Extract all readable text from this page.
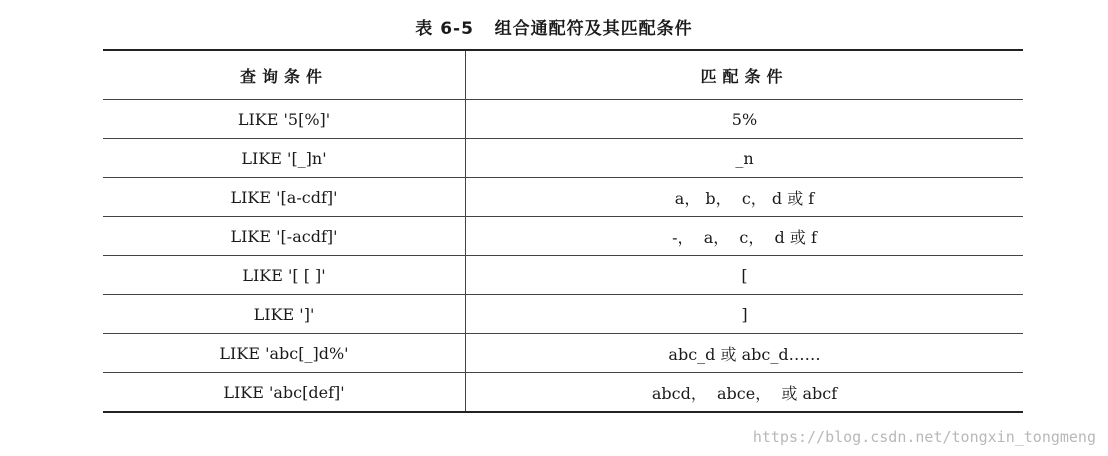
表 6-5   组合通配符及其匹配条件
查询条件	匹配条件
LIKE '5[%]'	5%
LIKE '[_]n'	_n
LIKE '[a-cdf]'	a， b，  c， d 或 f
LIKE '[-acdf]'	-，  a，  c，  d 或 f
LIKE '[ [ ]'	[
LIKE ']'	]
LIKE 'abc[_]d%'	abc_d 或 abc_d……
LIKE 'abc[def]'	abcd，  abce，  或 abcf
https://blog.csdn.net/tongxin_tongmeng
